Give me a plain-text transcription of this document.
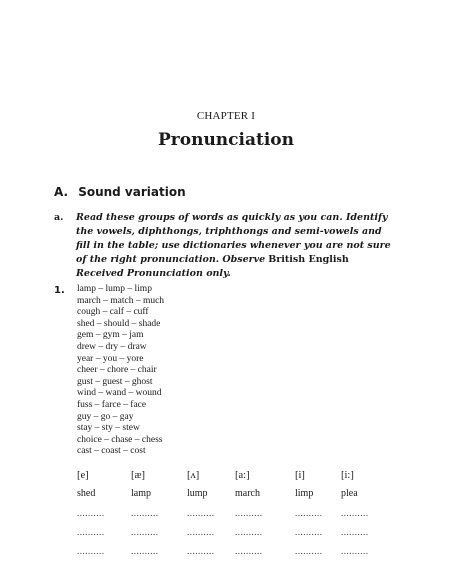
CHAPTER I
Pronunciation
A. Sound variation
a. Read these groups of words as quickly as you can. Identify the vowels, diphthongs, triphthongs and semi-vowels and fill in the table; use dictionaries whenever you are not sure of the right pronunciation. Observe British English Received Pronunciation only.
1. lamp – lump – limp
march – match – much
cough – calf – cuff
shed – should – shade
gem – gym – jam
drew – dry – draw
year – you – yore
cheer – chore – chair
gust – guest – ghost
wind – wand – wound
fuss – farce – face
guy – go – gay
stay – sty – stew
choice – chase – chess
cast – coast – cost
[e]	[æ]	[ʌ]	[a:]	[i]	[i:]
shed	lamp	lump	march	limp	plea
..........	..........	.......... ..........	.......... ..........
..........	..........	.......... ..........	.......... ..........
..........	..........	.......... ..........	.......... ..........
